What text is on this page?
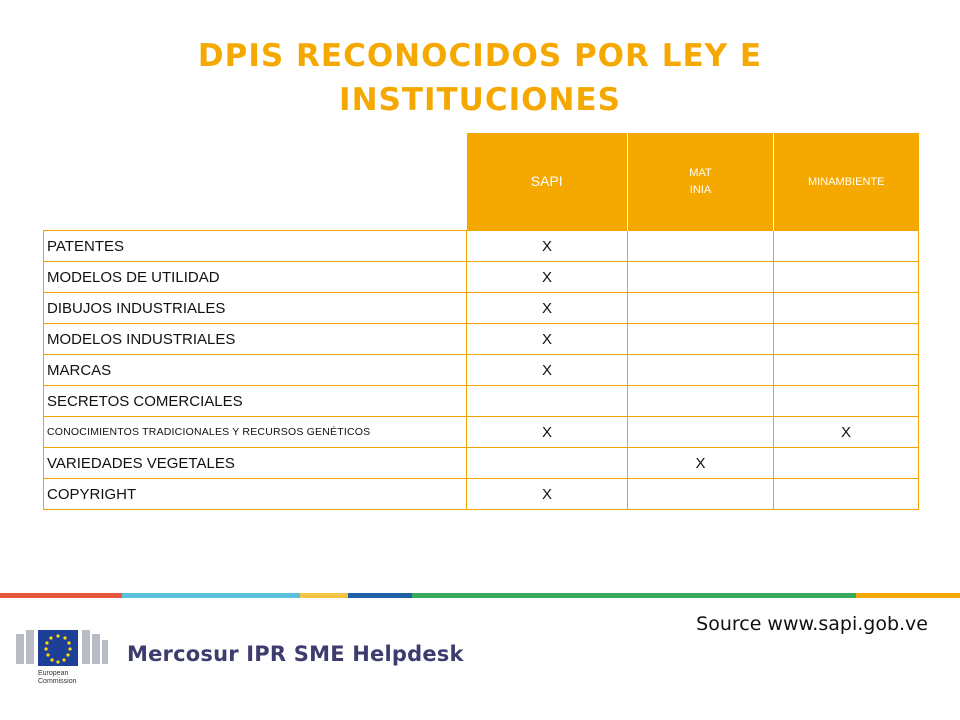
DPIS RECONOCIDOS POR LEY E
INSTITUCIONES
	SAPI	MAT
INIA	MINAMBIENTE
PATENTES	X		
MODELOS DE UTILIDAD	X		
DIBUJOS INDUSTRIALES	X		
MODELOS INDUSTRIALES	X		
MARCAS	X		
SECRETOS COMERCIALES			
CONOCIMIENTOS TRADICIONALES Y RECURSOS GENÉTICOS	X		X
VARIEDADES VEGETALES		X	
COPYRIGHT	X		
Source www.sapi.gob.ve
European
Commission
Mercosur IPR SME Helpdesk
